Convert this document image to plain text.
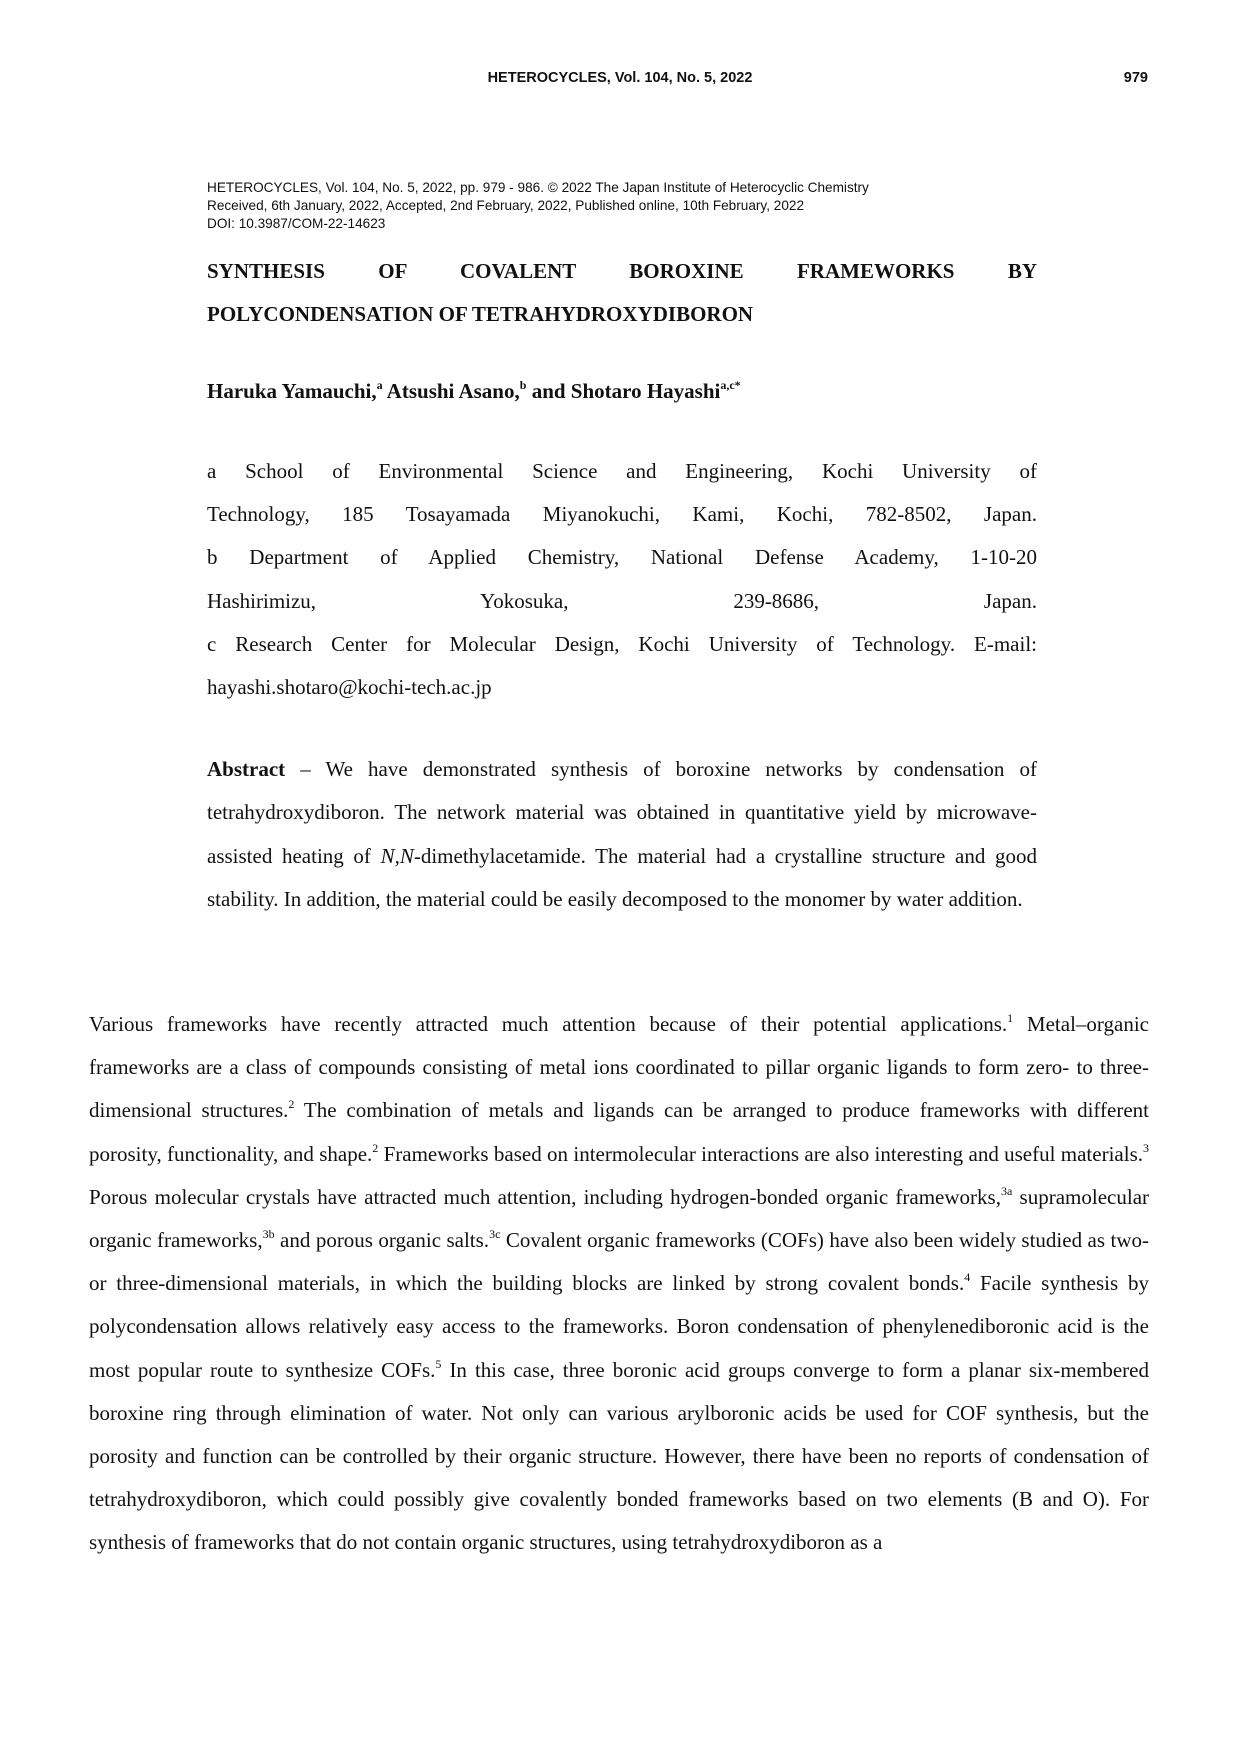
HETEROCYCLES, Vol. 104, No. 5, 2022	979
HETEROCYCLES, Vol. 104, No. 5, 2022, pp. 979 - 986. © 2022 The Japan Institute of Heterocyclic Chemistry
Received, 6th January, 2022, Accepted, 2nd February, 2022, Published online, 10th February, 2022
DOI: 10.3987/COM-22-14623
SYNTHESIS OF COVALENT BOROXINE FRAMEWORKS BY
POLYCONDENSATION OF TETRAHYDROXYDIBORON
Haruka Yamauchi,$^a$ Atsushi Asano,$^b$ and Shotaro Hayashi$^{a,c*}$
a School of Environmental Science and Engineering, Kochi University of
Technology, 185 Tosayamada Miyanokuchi, Kami, Kochi, 782-8502, Japan.
b Department of Applied Chemistry, National Defense Academy, 1-10-20
Hashirimizu, Yokosuka, 239-8686, Japan.
c Research Center for Molecular Design, Kochi University of Technology. E-mail:
hayashi.shotaro@kochi-tech.ac.jp
Abstract – We have demonstrated synthesis of boroxine networks by condensation of tetrahydroxydiboron. The network material was obtained in quantitative yield by microwave-assisted heating of N,N-dimethylacetamide. The material had a crystalline structure and good stability. In addition, the material could be easily decomposed to the monomer by water addition.
Various frameworks have recently attracted much attention because of their potential applications.$^1$ Metal–organic frameworks are a class of compounds consisting of metal ions coordinated to pillar organic ligands to form zero- to three-dimensional structures.$^2$ The combination of metals and ligands can be arranged to produce frameworks with different porosity, functionality, and shape.$^2$ Frameworks based on intermolecular interactions are also interesting and useful materials.$^3$ Porous molecular crystals have attracted much attention, including hydrogen-bonded organic frameworks,$^{3a}$ supramolecular organic frameworks,$^{3b}$ and porous organic salts.$^{3c}$ Covalent organic frameworks (COFs) have also been widely studied as two- or three-dimensional materials, in which the building blocks are linked by strong covalent bonds.$^4$ Facile synthesis by polycondensation allows relatively easy access to the frameworks. Boron condensation of phenylenediboronic acid is the most popular route to synthesize COFs.$^5$ In this case, three boronic acid groups converge to form a planar six-membered boroxine ring through elimination of water. Not only can various arylboronic acids be used for COF synthesis, but the porosity and function can be controlled by their organic structure. However, there have been no reports of condensation of tetrahydroxydiboron, which could possibly give covalently bonded frameworks based on two elements (B and O). For synthesis of frameworks that do not contain organic structures, using tetrahydroxydiboron as a
